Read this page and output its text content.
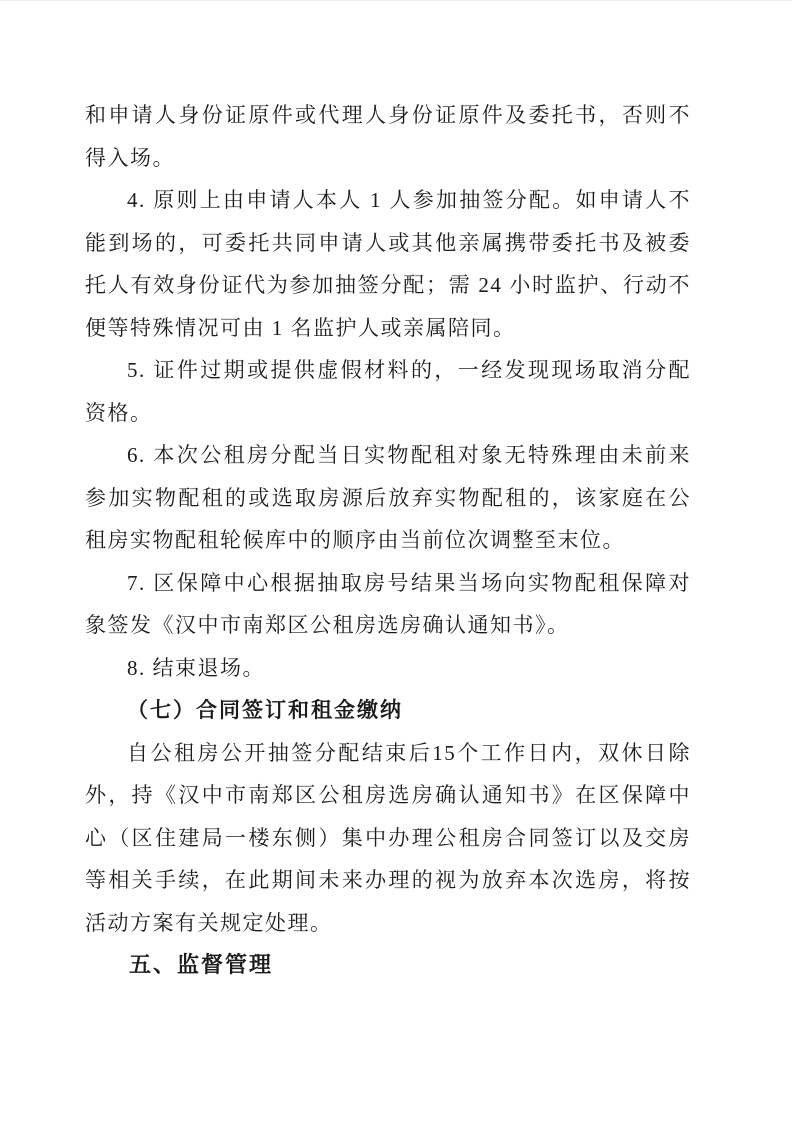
和申请人身份证原件或代理人身份证原件及委托书，否则不得入场。

4. 原则上由申请人本人 1 人参加抽签分配。如申请人不能到场的，可委托共同申请人或其他亲属携带委托书及被委托人有效身份证代为参加抽签分配；需 24 小时监护、行动不便等特殊情况可由 1 名监护人或亲属陪同。

5. 证件过期或提供虚假材料的，一经发现现场取消分配资格。

6. 本次公租房分配当日实物配租对象无特殊理由未前来参加实物配租的或选取房源后放弃实物配租的，该家庭在公租房实物配租轮候库中的顺序由当前位次调整至末位。

7. 区保障中心根据抽取房号结果当场向实物配租保障对象签发《汉中市南郑区公租房选房确认通知书》。

8. 结束退场。

（七）合同签订和租金缴纳

自公租房公开抽签分配结束后15个工作日内，双休日除外，持《汉中市南郑区公租房选房确认通知书》在区保障中心（区住建局一楼东侧）集中办理公租房合同签订以及交房等相关手续，在此期间未来办理的视为放弃本次选房，将按活动方案有关规定处理。

五、监督管理
